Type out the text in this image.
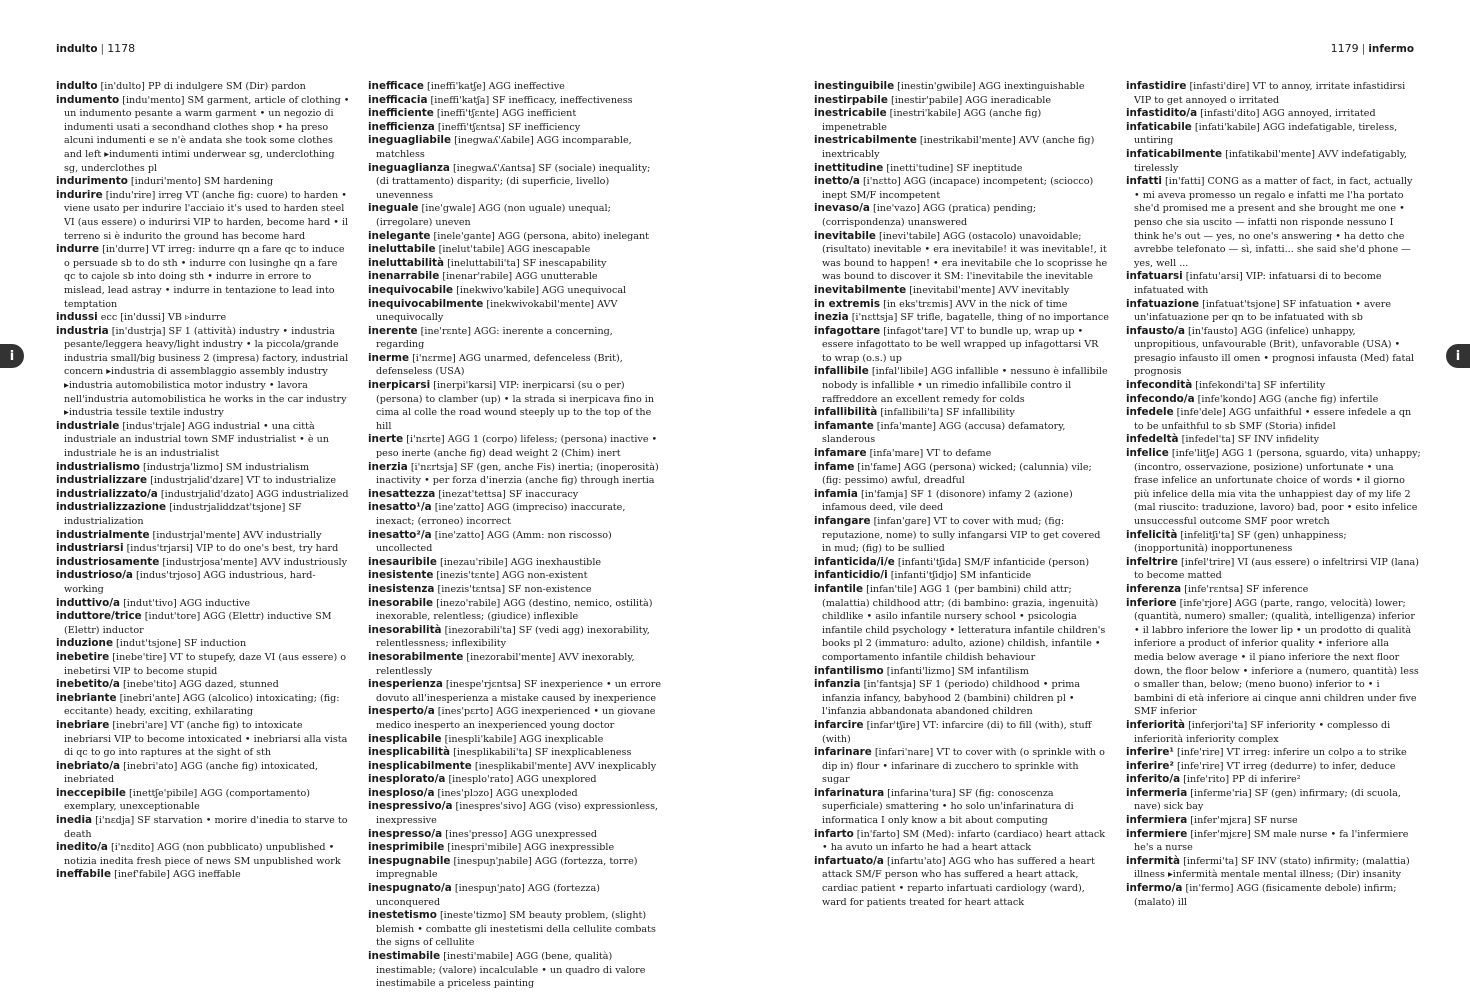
indulto | 1178

indulto [in'dulto] PP di indulgere SM (Dir) pardon

indumento [indu'mento] SM garment, article of clothing • un indumento pesante a warm garment • un negozio di indumenti usati a secondhand clothes shop • ha preso alcuni indumenti e se n'è andata she took some clothes and left ▸indumenti intimi underwear sg, underclothing sg, underclothes pl

indurimento [induri'mento] SM hardening

indurire [indu'rire] irreg VT (anche fig: cuore) to harden • viene usato per indurire l'acciaio it's used to harden steel VI (aus essere) o indurirsi VIP to harden, become hard • il terreno si è indurito the ground has become hard

indurre [in'durre] VT irreg: indurre qn a fare qc to induce o persuade sb to do sth • indurre con lusinghe qn a fare qc to cajole sb into doing sth • indurre in errore to mislead, lead astray • indurre in tentazione to lead into temptation

indussi ecc [in'dussi] VB ▹indurre

industria [in'dustrja] SF 1 (attività) industry • industria pesante/leggera heavy/light industry • la piccola/grande industria small/big business 2 (impresa) factory, industrial concern ▸industria di assemblaggio assembly industry ▸industria automobilistica motor industry • lavora nell'industria automobilistica he works in the car industry ▸industria tessile textile industry

industriale [indus'trjale] AGG industrial • una città industriale an industrial town SMF industrialist • è un industriale he is an industrialist

industrialismo [industrja'lizmo] SM industrialism

industrializzare [industrjalid'dzare] VT to industrialize

industrializzato/a [industrjalid'dzato] AGG industrialized

industrializzazione [industrjaliddzat'tsjone] SF industrialization

industrialmente [industrjal'mente] AVV industrially

industriarsi [indus'trjarsi] VIP to do one's best, try hard

industriosamente [industrjosa'mente] AVV industriously

industrioso/a [indus'trjoso] AGG industrious, hard-working

induttivo/a [indut'tivo] AGG inductive

induttore/trice [indut'tore] AGG (Elettr) inductive SM (Elettr) inductor

induzione [indut'tsjone] SF induction

inebetire [inebe'tire] VT to stupefy, daze VI (aus essere) o inebetirsi VIP to become stupid

inebetito/a [inebe'tito] AGG dazed, stunned

inebriante [inebri'ante] AGG (alcolico) intoxicating; (fig: eccitante) heady, exciting, exhilarating

inebriare [inebri'are] VT (anche fig) to intoxicate inebriarsi VIP to become intoxicated • inebriarsi alla vista di qc to go into raptures at the sight of sth

inebriato/a [inebri'ato] AGG (anche fig) intoxicated, inebriated

ineccepibile [inettʃe'pibile] AGG (comportamento) exemplary, unexceptionable

inedia [i'nɛdja] SF starvation • morire d'inedia to starve to death

inedito/a [i'nɛdito] AGG (non pubblicato) unpublished • notizia inedita fresh piece of news SM unpublished work

ineffabile [inef'fabile] AGG ineffable

inefficace [ineffi'katʃe] AGG ineffective

inefficacia [ineffi'katʃa] SF inefficacy, ineffectiveness

inefficiente [ineffi'tʃɛnte] AGG inefficient

inefficienza [ineffi'tʃɛntsa] SF inefficiency

ineguagliabile [inegwaʎ'ʎabile] AGG incomparable, matchless

ineguaglianza [inegwaʎ'ʎantsa] SF (sociale) inequality; (di trattamento) disparity; (di superficie, livello) unevenness

ineguale [ine'gwale] AGG (non uguale) unequal; (irregolare) uneven

inelegante [inele'gante] AGG (persona, abito) inelegant

ineluttabile [inelut'tabile] AGG inescapable

ineluttabilità [ineluttabili'ta] SF inescapability

inenarrabile [inenar'rabile] AGG unutterable

inequivocabile [inekwivo'kabile] AGG unequivocal

inequivocabilmente [inekwivokabil'mente] AVV unequivocally

inerente [ine'rɛnte] AGG: inerente a concerning, regarding

inerme [i'nɛrme] AGG unarmed, defenceless (Brit), defenseless (USA)

inerpicarsi [inerpi'karsi] VIP: inerpicarsi (su o per) (persona) to clamber (up) • la strada si inerpicava fino in cima al colle the road wound steeply up to the top of the hill

inerte [i'nɛrte] AGG 1 (corpo) lifeless; (persona) inactive • peso inerte (anche fig) dead weight 2 (Chim) inert

inerzia [i'nɛrtsja] SF (gen, anche Fis) inertia; (inoperosità) inactivity • per forza d'inerzia (anche fig) through inertia

inesattezza [inezat'tettsa] SF inaccuracy

inesatto¹/a [ine'zatto] AGG (impreciso) inaccurate, inexact; (erroneo) incorrect

inesatto²/a [ine'zatto] AGG (Amm: non riscosso) uncollected

inesauribile [inezau'ribile] AGG inexhaustible

inesistente [inezis'tɛnte] AGG non-existent

inesistenza [inezis'tɛntsa] SF non-existence

inesorabile [inezo'rabile] AGG (destino, nemico, ostilità) inexorable, relentless; (giudice) inflexible

inesorabilità [inezorabili'ta] SF (vedi agg) inexorability, relentlessness; inflexibility

inesorabilmente [inezorabil'mente] AVV inexorably, relentlessly

inesperienza [inespe'rjɛntsa] SF inexperience • un errore dovuto all'inesperienza a mistake caused by inexperience

inesperto/a [ines'pɛrto] AGG inexperienced • un giovane medico inesperto an inexperienced young doctor

inesplicabile [inespli'kabile] AGG inexplicable

inesplicabilità [inesplikabili'ta] SF inexplicableness

inesplicabilmente [inesplikabil'mente] AVV inexplicably

inesplorato/a [inesplo'rato] AGG unexplored

inesploso/a [ines'plɔzo] AGG unexploded

inespressivo/a [inespres'sivo] AGG (viso) expressionless, inexpressive

inespresso/a [ines'presso] AGG unexpressed

inesprimibile [inespri'mibile] AGG inexpressible

inespugnabile [inespuɲ'ɲabile] AGG (fortezza, torre) impregnable

inespugnato/a [inespuɲ'ɲato] AGG (fortezza) unconquered

inestetismo [ineste'tizmo] SM beauty problem, (slight) blemish • combatte gli inestetismi della cellulite combats the signs of cellulite

inestimabile [inesti'mabile] AGG (bene, qualità) inestimable; (valore) incalculable • un quadro di valore inestimabile a priceless painting

i
1179 | infermo

inestinguibile [inestin'gwibile] AGG inextinguishable

inestirpabile [inestir'pabile] AGG ineradicable

inestricabile [inestri'kabile] AGG (anche fig) impenetrable

inestricabilmente [inestrikabil'mente] AVV (anche fig) inextricably

inettitudine [inetti'tudine] SF ineptitude

inetto/a [i'nɛtto] AGG (incapace) incompetent; (sciocco) inept SM/F incompetent

inevaso/a [ine'vazo] AGG (pratica) pending; (corrispondenza) unanswered

inevitabile [inevi'tabile] AGG (ostacolo) unavoidable; (risultato) inevitable • era inevitabile! it was inevitable!, it was bound to happen! • era inevitabile che lo scoprisse he was bound to discover it SM: l'inevitabile the inevitable

inevitabilmente [inevitabil'mente] AVV inevitably

in extremis [in eks'trɛmis] AVV in the nick of time

inezia [i'nɛttsja] SF trifle, bagatelle, thing of no importance

infagottare [infagot'tare] VT to bundle up, wrap up • essere infagottato to be well wrapped up infagottarsi VR to wrap (o.s.) up

infallibile [infal'libile] AGG infallible • nessuno è infallibile nobody is infallible • un rimedio infallibile contro il raffreddore an excellent remedy for colds

infallibilità [infallibili'ta] SF infallibility

infamante [infa'mante] AGG (accusa) defamatory, slanderous

infamare [infa'mare] VT to defame

infame [in'fame] AGG (persona) wicked; (calunnia) vile; (fig: pessimo) awful, dreadful

infamia [in'famja] SF 1 (disonore) infamy 2 (azione) infamous deed, vile deed

infangare [infan'gare] VT to cover with mud; (fig: reputazione, nome) to sully infangarsi VIP to get covered in mud; (fig) to be sullied

infanticida/i/e [infanti'tʃida] SM/F infanticide (person)

infanticidio/i [infanti'tʃidjo] SM infanticide

infantile [infan'tile] AGG 1 (per bambini) child attr; (malattia) childhood attr; (di bambino: grazia, ingenuità) childlike • asilo infantile nursery school • psicologia infantile child psychology • letteratura infantile children's books pl 2 (immaturo: adulto, azione) childish, infantile • comportamento infantile childish behaviour

infantilismo [infanti'lizmo] SM infantilism

infanzia [in'fantsja] SF 1 (periodo) childhood • prima infanzia infancy, babyhood 2 (bambini) children pl • l'infanzia abbandonata abandoned children

infarcire [infar'tʃire] VT: infarcire (di) to fill (with), stuff (with)

infarinare [infari'nare] VT to cover with (o sprinkle with o dip in) flour • infarinare di zucchero to sprinkle with sugar

infarinatura [infarina'tura] SF (fig: conoscenza superficiale) smattering • ho solo un'infarinatura di informatica I only know a bit about computing

infarto [in'farto] SM (Med): infarto (cardiaco) heart attack • ha avuto un infarto he had a heart attack

infartuato/a [infartu'ato] AGG who has suffered a heart attack SM/F person who has suffered a heart attack, cardiac patient • reparto infartuati cardiology (ward), ward for patients treated for heart attack

infastidire [infasti'dire] VT to annoy, irritate infastidirsi VIP to get annoyed o irritated

infastidito/a [infasti'dito] AGG annoyed, irritated

infaticabile [infati'kabile] AGG indefatigable, tireless, untiring

infaticabilmente [infatikabil'mente] AVV indefatigably, tirelessly

infatti [in'fatti] CONG as a matter of fact, in fact, actually • mi aveva promesso un regalo e infatti me l'ha portato she'd promised me a present and she brought me one • penso che sia uscito — infatti non risponde nessuno I think he's out — yes, no one's answering • ha detto che avrebbe telefonato — sì, infatti... she said she'd phone — yes, well ...

infatuarsi [infatu'arsi] VIP: infatuarsi di to become infatuated with

infatuazione [infatuat'tsjone] SF infatuation • avere un'infatuazione per qn to be infatuated with sb

infausto/a [in'fausto] AGG (infelice) unhappy, unpropitious, unfavourable (Brit), unfavorable (USA) • presagio infausto ill omen • prognosi infausta (Med) fatal prognosis

infecondità [infekondi'ta] SF infertility

infecondo/a [infe'kondo] AGG (anche fig) infertile

infedele [infe'dele] AGG unfaithful • essere infedele a qn to be unfaithful to sb SMF (Storia) infidel

infedeltà [infedel'ta] SF INV infidelity

infelice [infe'litʃe] AGG 1 (persona, sguardo, vita) unhappy; (incontro, osservazione, posizione) unfortunate • una frase infelice an unfortunate choice of words • il giorno più infelice della mia vita the unhappiest day of my life 2 (mal riuscito: traduzione, lavoro) bad, poor • esito infelice unsuccessful outcome SMF poor wretch

infelicità [infelitʃi'ta] SF (gen) unhappiness; (inopportunità) inopportuneness

infeltrire [infel'trire] VI (aus essere) o infeltrirsi VIP (lana) to become matted

inferenza [infe'rɛntsa] SF inference

inferiore [infe'rjore] AGG (parte, rango, velocità) lower; (quantità, numero) smaller; (qualità, intelligenza) inferior • il labbro inferiore the lower lip • un prodotto di qualità inferiore a product of inferior quality • inferiore alla media below average • il piano inferiore the next floor down, the floor below • inferiore a (numero, quantità) less o smaller than, below; (meno buono) inferior to • i bambini di età inferiore ai cinque anni children under five SMF inferior

inferiorità [inferjori'ta] SF inferiority • complesso di inferiorità inferiority complex

inferire¹ [infe'rire] VT irreg: inferire un colpo a to strike

inferire² [infe'rire] VT irreg (dedurre) to infer, deduce

inferito/a [infe'rito] PP di inferire²

infermeria [inferme'ria] SF (gen) infirmary; (di scuola, nave) sick bay

infermiera [infer'mjɛra] SF nurse

infermiere [infer'mjɛre] SM male nurse • fa l'infermiere he's a nurse

infermità [infermi'ta] SF INV (stato) infirmity; (malattia) illness ▸infermità mentale mental illness; (Dir) insanity

infermo/a [in'fermo] AGG (fisicamente debole) infirm; (malato) ill

i
